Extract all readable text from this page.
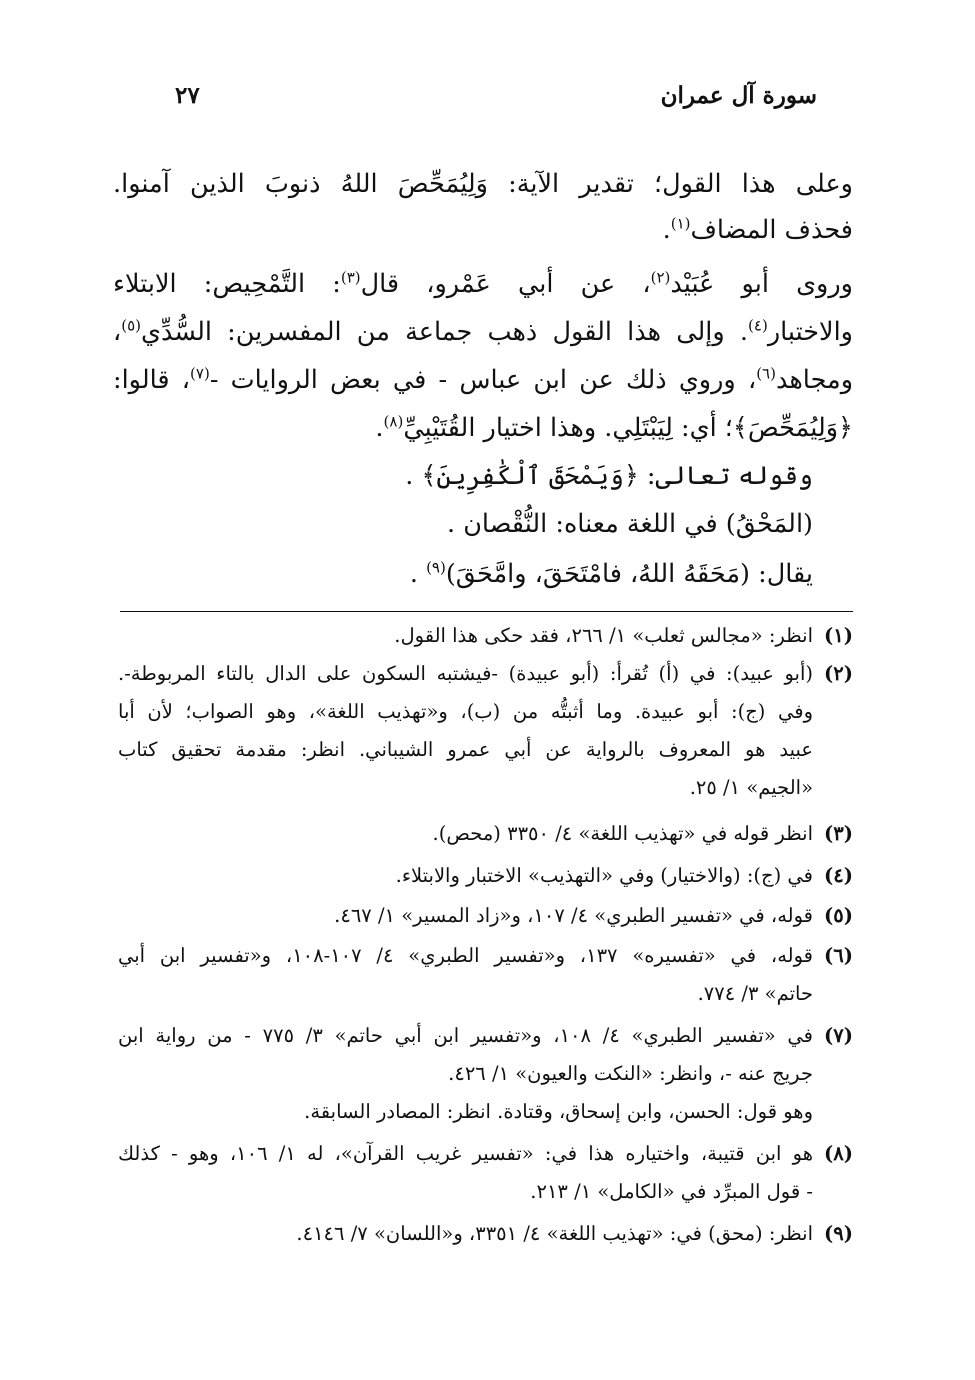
سورة آل عمران
٢٧
وعلى هذا القول؛ تقدير الآية: وَلِيُمَحِّصَ اللهُ ذنوبَ الذين آمنوا.
فحذف المضاف$^{(١)}$.
وروى أبو عُبَيْد$^{(٢)}$، عن أبي عَمْرو، قال$^{(٣)}$: التَّمْحِيص: الابتلاء
والاختبار$^{(٤)}$. وإلى هذا القول ذهب جماعة من المفسرين: السُّدِّي$^{(٥)}$،
ومجاهد$^{(٦)}$، وروي ذلك عن ابن عباس - في بعض الروايات -$^{(٧)}$، قالوا:
﴿وَلِيُمَحِّصَ﴾؛ أي: لِيَبْتَلِي. وهذا اختيار القُتَيْبِيِّ$^{(٨)}$.
وقوله تعالى: ﴿وَيَمْحَقَ ٱلْكَٰفِرِينَ﴾ .
(المَحْقُ) في اللغة معناه: النُّقْصان .
يقال: (مَحَقَهُ اللهُ، فامْتَحَقَ، وامَّحَقَ)$^{(٩)}$ .
(١)
انظر: «مجالس ثعلب» ١/ ٢٦٦، فقد حكى هذا القول.
(٢)
(أبو عبيد): في (أ) تُقرأ: (أبو عبيدة) -فيشتبه السكون على الدال بالتاء المربوطة-.
وفي (ج): أبو عبيدة. وما أثبتُّه من (ب)، و«تهذيب اللغة»، وهو الصواب؛ لأن أبا
عبيد هو المعروف بالرواية عن أبي عمرو الشيباني. انظر: مقدمة تحقيق كتاب
«الجيم» ١/ ٢٥.
(٣)
انظر قوله في «تهذيب اللغة» ٤/ ٣٣٥٠ (محص).
(٤)
في (ج): (والاختيار) وفي «التهذيب» الاختبار والابتلاء.
(٥)
قوله، في «تفسير الطبري» ٤/ ١٠٧، و«زاد المسير» ١/ ٤٦٧.
(٦)
قوله، في «تفسيره» ١٣٧، و«تفسير الطبري» ٤/ ١٠٧-١٠٨، و«تفسير ابن أبي
حاتم» ٣/ ٧٧٤.
(٧)
في «تفسير الطبري» ٤/ ١٠٨، و«تفسير ابن أبي حاتم» ٣/ ٧٧٥ - من رواية ابن
جريج عنه -، وانظر: «النكت والعيون» ١/ ٤٢٦.
وهو قول: الحسن، وابن إسحاق، وقتادة. انظر: المصادر السابقة.
(٨)
هو ابن قتيبة، واختياره هذا في: «تفسير غريب القرآن»، له ١/ ١٠٦، وهو - كذلك
- قول المبرِّد في «الكامل» ١/ ٢١٣.
(٩)
انظر: (محق) في: «تهذيب اللغة» ٤/ ٣٣٥١، و«اللسان» ٧/ ٤١٤٦.
